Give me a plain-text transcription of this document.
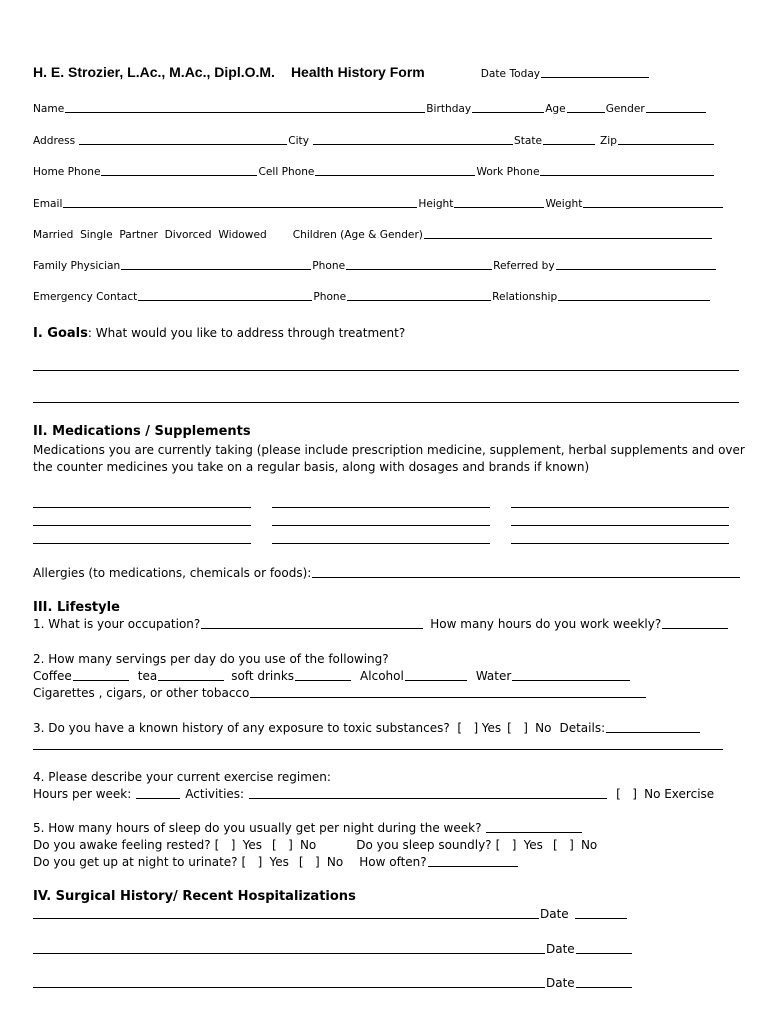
H. E. Strozier, L.Ac., M.Ac., Dipl.O.M. Health History Form	Date Today
Name	Birthday	Age	Gender
Address	City	State	Zip
Home Phone	Cell Phone	Work Phone
Email	Height	Weight
Married  Single  Partner  Divorced  Widowed Children (Age & Gender)
Family Physician	Phone	Referred by
Emergency Contact	Phone	Relationship
I. Goals : What would you like to address through treatment?
II. Medications / Supplements
Medications you are currently taking (please include prescription medicine, supplement, herbal supplements and over
the counter medicines you take on a regular basis, along with dosages and brands if known)
Allergies (to medications, chemicals or foods):
III. Lifestyle
1. What is your occupation?	How many hours do you work weekly?
2. How many servings per day do you use of the following?
Coffee	tea	soft drinks	Alcohol	Water
Cigarettes , cigars, or other tobacco
3. Do you have a known history of any exposure to toxic substances? [   ] Yes [   ] No Details:
4. Please describe your current exercise regimen:
Hours per week:	Activities:	[   ] No Exercise
5. How many hours of sleep do you usually get per night during the week?
Do you awake feeling rested? [   ] Yes [   ] No	Do you sleep soundly? [   ] Yes [   ] No
Do you get up at night to urinate? [   ] Yes [   ] No How often?
IV. Surgical History/ Recent Hospitalizations
Date
Date
Date
